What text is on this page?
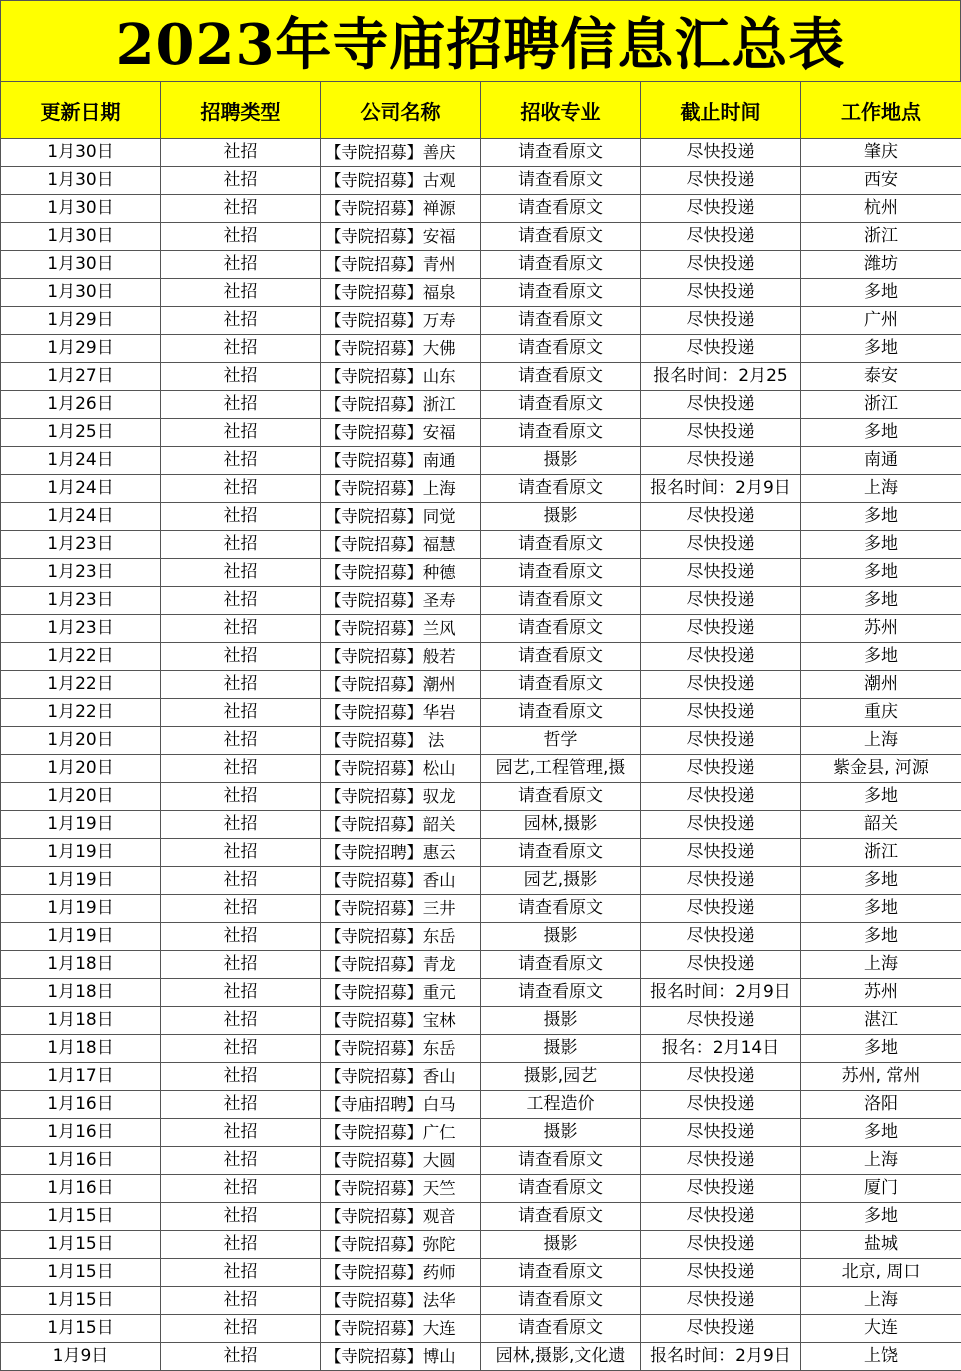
2023年寺庙招聘信息汇总表
更新日期	招聘类型	公司名称	招收专业	截止时间	工作地点
1月30日	社招	【寺院招募】善庆	请查看原文	尽快投递	肇庆
1月30日	社招	【寺院招募】古观	请查看原文	尽快投递	西安
1月30日	社招	【寺院招募】禅源	请查看原文	尽快投递	杭州
1月30日	社招	【寺院招募】安福	请查看原文	尽快投递	浙江
1月30日	社招	【寺院招募】青州	请查看原文	尽快投递	潍坊
1月30日	社招	【寺院招募】福泉	请查看原文	尽快投递	多地
1月29日	社招	【寺院招募】万寿	请查看原文	尽快投递	广州
1月29日	社招	【寺院招募】大佛	请查看原文	尽快投递	多地
1月27日	社招	【寺院招募】山东	请查看原文	报名时间：2月25	泰安
1月26日	社招	【寺院招募】浙江	请查看原文	尽快投递	浙江
1月25日	社招	【寺院招募】安福	请查看原文	尽快投递	多地
1月24日	社招	【寺院招募】南通	摄影	尽快投递	南通
1月24日	社招	【寺院招募】上海	请查看原文	报名时间：2月9日	上海
1月24日	社招	【寺院招募】同觉	摄影	尽快投递	多地
1月23日	社招	【寺院招募】福慧	请查看原文	尽快投递	多地
1月23日	社招	【寺院招募】种德	请查看原文	尽快投递	多地
1月23日	社招	【寺院招募】圣寿	请查看原文	尽快投递	多地
1月23日	社招	【寺院招募】兰风	请查看原文	尽快投递	苏州
1月22日	社招	【寺院招募】般若	请查看原文	尽快投递	多地
1月22日	社招	【寺院招募】潮州	请查看原文	尽快投递	潮州
1月22日	社招	【寺院招募】华岩	请查看原文	尽快投递	重庆
1月20日	社招	【寺院招募】 法	哲学	尽快投递	上海
1月20日	社招	【寺院招募】松山	园艺,工程管理,摄	尽快投递	紫金县, 河源
1月20日	社招	【寺院招募】驭龙	请查看原文	尽快投递	多地
1月19日	社招	【寺院招募】韶关	园林,摄影	尽快投递	韶关
1月19日	社招	【寺院招聘】惠云	请查看原文	尽快投递	浙江
1月19日	社招	【寺院招募】香山	园艺,摄影	尽快投递	多地
1月19日	社招	【寺院招募】三井	请查看原文	尽快投递	多地
1月19日	社招	【寺院招募】东岳	摄影	尽快投递	多地
1月18日	社招	【寺院招募】青龙	请查看原文	尽快投递	上海
1月18日	社招	【寺院招募】重元	请查看原文	报名时间：2月9日	苏州
1月18日	社招	【寺院招募】宝林	摄影	尽快投递	湛江
1月18日	社招	【寺院招募】东岳	摄影	报名：2月14日	多地
1月17日	社招	【寺院招募】香山	摄影,园艺	尽快投递	苏州, 常州
1月16日	社招	【寺庙招聘】白马	工程造价	尽快投递	洛阳
1月16日	社招	【寺院招募】广仁	摄影	尽快投递	多地
1月16日	社招	【寺院招募】大圆	请查看原文	尽快投递	上海
1月16日	社招	【寺院招募】天竺	请查看原文	尽快投递	厦门
1月15日	社招	【寺院招募】观音	请查看原文	尽快投递	多地
1月15日	社招	【寺院招募】弥陀	摄影	尽快投递	盐城
1月15日	社招	【寺院招募】药师	请查看原文	尽快投递	北京, 周口
1月15日	社招	【寺院招募】法华	请查看原文	尽快投递	上海
1月15日	社招	【寺院招募】大连	请查看原文	尽快投递	大连
1月9日	社招	【寺院招募】博山	园林,摄影,文化遗	报名时间：2月9日	上饶
